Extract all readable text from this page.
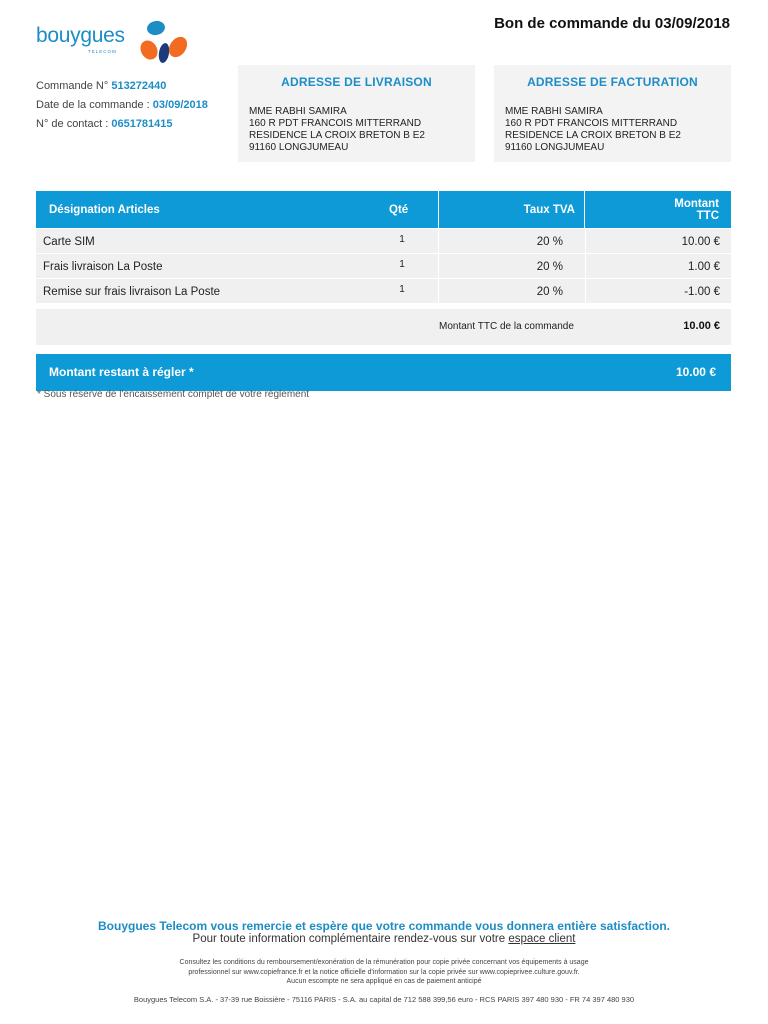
bouygues
TELECOM
Bon de commande du 03/09/2018
Commande N° 513272440
Date de la commande : 03/09/2018
N° de contact : 0651781415
ADRESSE DE LIVRAISON
MME RABHI SAMIRA
160 R PDT FRANCOIS MITTERRAND
RESIDENCE LA CROIX BRETON B E2
91160 LONGJUMEAU
ADRESSE DE FACTURATION
MME RABHI SAMIRA
160 R PDT FRANCOIS MITTERRAND
RESIDENCE LA CROIX BRETON B E2
91160 LONGJUMEAU
Désignation Articles	Qté	Taux TVA	Montant
TTC
Carte SIM	1	20 %	10.00 €
Frais livraison La Poste	1	20 %	1.00 €
Remise sur frais livraison La Poste	1	20 %	-1.00 €
Montant TTC de la commande	10.00 €
Montant restant à régler *	10.00 €
* Sous réserve de l'encaissement complet de votre règlement
Bouygues Telecom vous remercie et espère que votre commande vous donnera entière satisfaction.
Pour toute information complémentaire rendez-vous sur votre espace client
Consultez les conditions du remboursement/exonération de la rémunération pour copie privée concernant vos équipements à usage
professionnel sur www.copiefrance.fr et la notice officielle d'information sur la copie privée sur www.copieprivee.culture.gouv.fr.
Aucun escompte ne sera appliqué en cas de paiement anticipé
Bouygues Telecom S.A. - 37-39 rue Boissière - 75116 PARIS - S.A. au capital de 712 588 399,56 euro - RCS PARIS 397 480 930 - FR 74 397 480 930
